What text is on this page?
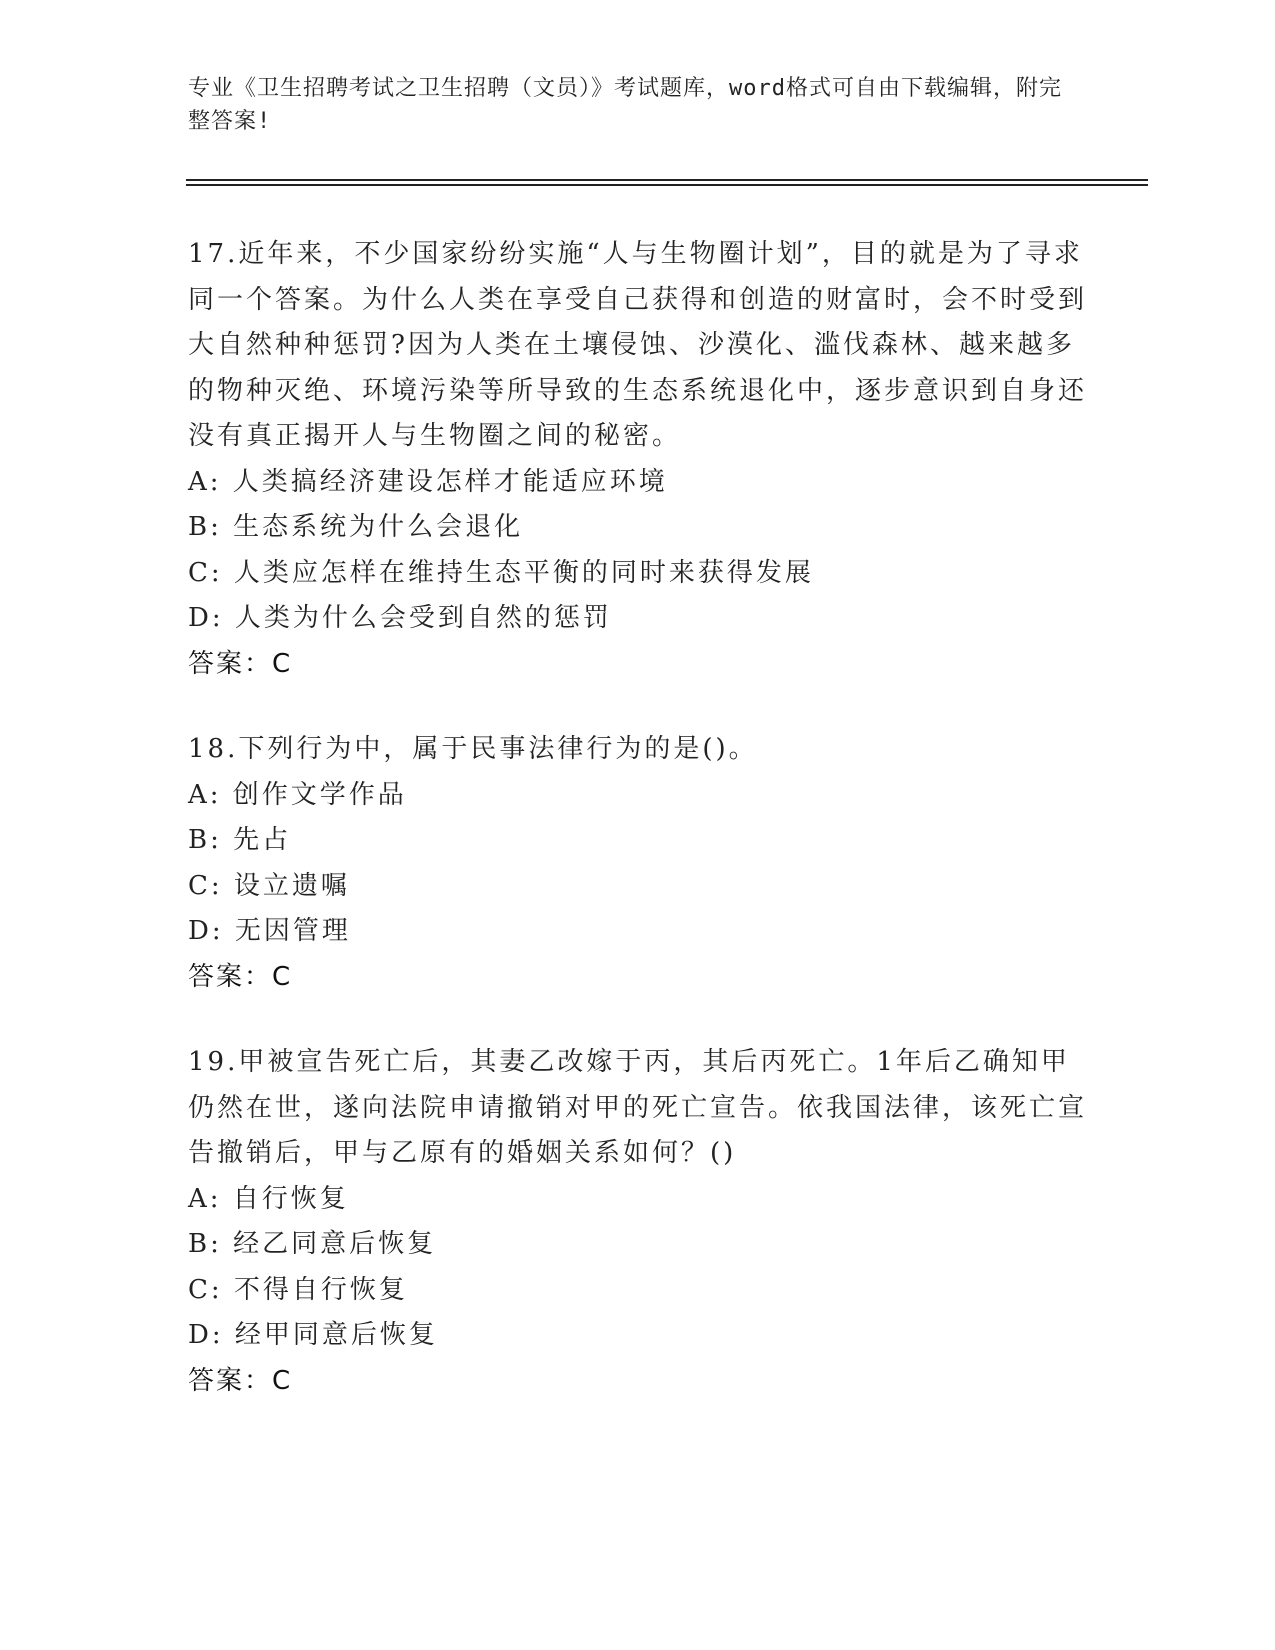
专业《卫生招聘考试之卫生招聘（文员）》考试题库，word格式可自由下载编辑，附完整答案!

17.近年来，不少国家纷纷实施“人与生物圈计划”，目的就是为了寻求同一个答案。为什么人类在享受自己获得和创造的财富时，会不时受到大自然种种惩罚?因为人类在土壤侵蚀、沙漠化、滥伐森林、越来越多的物种灭绝、环境污染等所导致的生态系统退化中，逐步意识到自身还没有真正揭开人与生物圈之间的秘密。

A: 人类搞经济建设怎样才能适应环境

B: 生态系统为什么会退化

C: 人类应怎样在维持生态平衡的同时来获得发展

D: 人类为什么会受到自然的惩罚

答案：C

18.下列行为中，属于民事法律行为的是()。

A: 创作文学作品

B: 先占

C: 设立遗嘱

D: 无因管理

答案：C

19.甲被宣告死亡后，其妻乙改嫁于丙，其后丙死亡。1年后乙确知甲仍然在世，遂向法院申请撤销对甲的死亡宣告。依我国法律，该死亡宣告撤销后，甲与乙原有的婚姻关系如何？()

A: 自行恢复

B: 经乙同意后恢复

C: 不得自行恢复

D: 经甲同意后恢复

答案：C
